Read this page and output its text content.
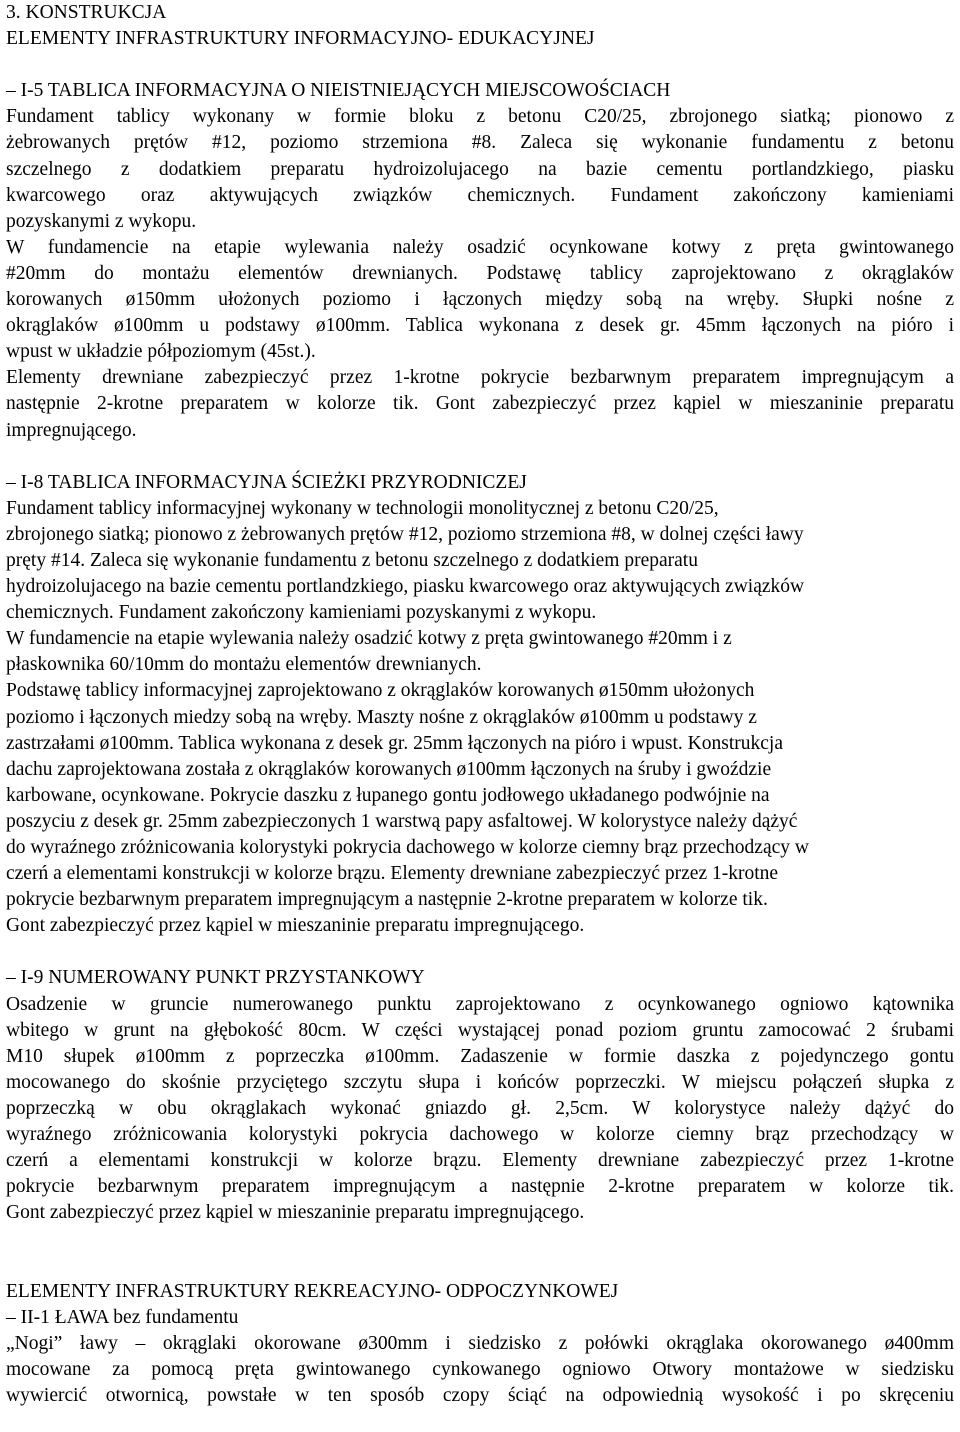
3. KONSTRUKCJA
ELEMENTY INFRASTRUKTURY INFORMACYJNO- EDUKACYJNEJ
– I-5 TABLICA INFORMACYJNA O NIEISTNIEJĄCYCH MIEJSCOWOŚCIACH
Fundament tablicy wykonany w formie bloku z betonu C20/25, zbrojonego siatką; pionowo z
żebrowanych prętów #12, poziomo strzemiona #8. Zaleca się wykonanie fundamentu z betonu
szczelnego z dodatkiem preparatu hydroizolujacego na bazie cementu portlandzkiego, piasku
kwarcowego oraz aktywujących związków chemicznych. Fundament zakończony kamieniami
pozyskanymi z wykopu.
W fundamencie na etapie wylewania należy osadzić ocynkowane kotwy z pręta gwintowanego
#20mm do montażu elementów drewnianych. Podstawę tablicy zaprojektowano z okrąglaków
korowanych ø150mm ułożonych poziomo i łączonych między sobą na wręby. Słupki nośne z
okrąglaków ø100mm u podstawy ø100mm. Tablica wykonana z desek gr. 45mm łączonych na pióro i
wpust w układzie półpoziomym (45st.).
Elementy drewniane zabezpieczyć przez 1-krotne pokrycie bezbarwnym preparatem impregnującym a
następnie 2-krotne preparatem w kolorze tik. Gont zabezpieczyć przez kąpiel w mieszaninie preparatu
impregnującego.
– I-8 TABLICA INFORMACYJNA ŚCIEŻKI PRZYRODNICZEJ
Fundament tablicy informacyjnej wykonany w technologii monolitycznej z betonu C20/25,
zbrojonego siatką; pionowo z żebrowanych prętów #12, poziomo strzemiona #8, w dolnej części ławy
pręty #14. Zaleca się wykonanie fundamentu z betonu szczelnego z dodatkiem preparatu
hydroizolujacego na bazie cementu portlandzkiego, piasku kwarcowego oraz aktywujących związków
chemicznych. Fundament zakończony kamieniami pozyskanymi z wykopu.
W fundamencie na etapie wylewania należy osadzić kotwy z pręta gwintowanego #20mm i z
płaskownika 60/10mm do montażu elementów drewnianych.
Podstawę tablicy informacyjnej zaprojektowano z okrąglaków korowanych ø150mm ułożonych
poziomo i łączonych miedzy sobą na wręby. Maszty nośne z okrąglaków ø100mm u podstawy z
zastrzałami ø100mm. Tablica wykonana z desek gr. 25mm łączonych na pióro i wpust. Konstrukcja
dachu zaprojektowana została z okrąglaków korowanych ø100mm łączonych na śruby i gwoździe
karbowane, ocynkowane. Pokrycie daszku z łupanego gontu jodłowego układanego podwójnie na
poszyciu z desek gr. 25mm zabezpieczonych 1 warstwą papy asfaltowej. W kolorystyce należy dążyć
do wyraźnego zróżnicowania kolorystyki pokrycia dachowego w kolorze ciemny brąz przechodzący w
czerń a elementami konstrukcji w kolorze brązu. Elementy drewniane zabezpieczyć przez 1-krotne
pokrycie bezbarwnym preparatem impregnującym a następnie 2-krotne preparatem w kolorze tik.
Gont zabezpieczyć przez kąpiel w mieszaninie preparatu impregnującego.
– I-9 NUMEROWANY PUNKT PRZYSTANKOWY
Osadzenie w gruncie numerowanego punktu zaprojektowano z ocynkowanego ogniowo kątownika
wbitego w grunt na głębokość 80cm. W części wystającej ponad poziom gruntu zamocować 2 śrubami
M10 słupek ø100mm z poprzeczka ø100mm. Zadaszenie w formie daszka z pojedynczego gontu
mocowanego do skośnie przyciętego szczytu słupa i końców poprzeczki. W miejscu połączeń słupka z
poprzeczką w obu okrąglakach wykonać gniazdo gł. 2,5cm. W kolorystyce należy dążyć do
wyraźnego zróżnicowania kolorystyki pokrycia dachowego w kolorze ciemny brąz przechodzący w
czerń a elementami konstrukcji w kolorze brązu. Elementy drewniane zabezpieczyć przez 1-krotne
pokrycie bezbarwnym preparatem impregnującym a następnie 2-krotne preparatem w kolorze tik.
Gont zabezpieczyć przez kąpiel w mieszaninie preparatu impregnującego.
ELEMENTY INFRASTRUKTURY REKREACYJNO- ODPOCZYNKOWEJ
– II-1 ŁAWA bez fundamentu
„Nogi” ławy – okrąglaki okorowane ø300mm i siedzisko z połówki okrąglaka okorowanego ø400mm
mocowane za pomocą pręta gwintowanego cynkowanego ogniowo Otwory montażowe w siedzisku
wywiercić otwornicą, powstałe w ten sposób czopy ściąć na odpowiednią wysokość i po skręceniu
